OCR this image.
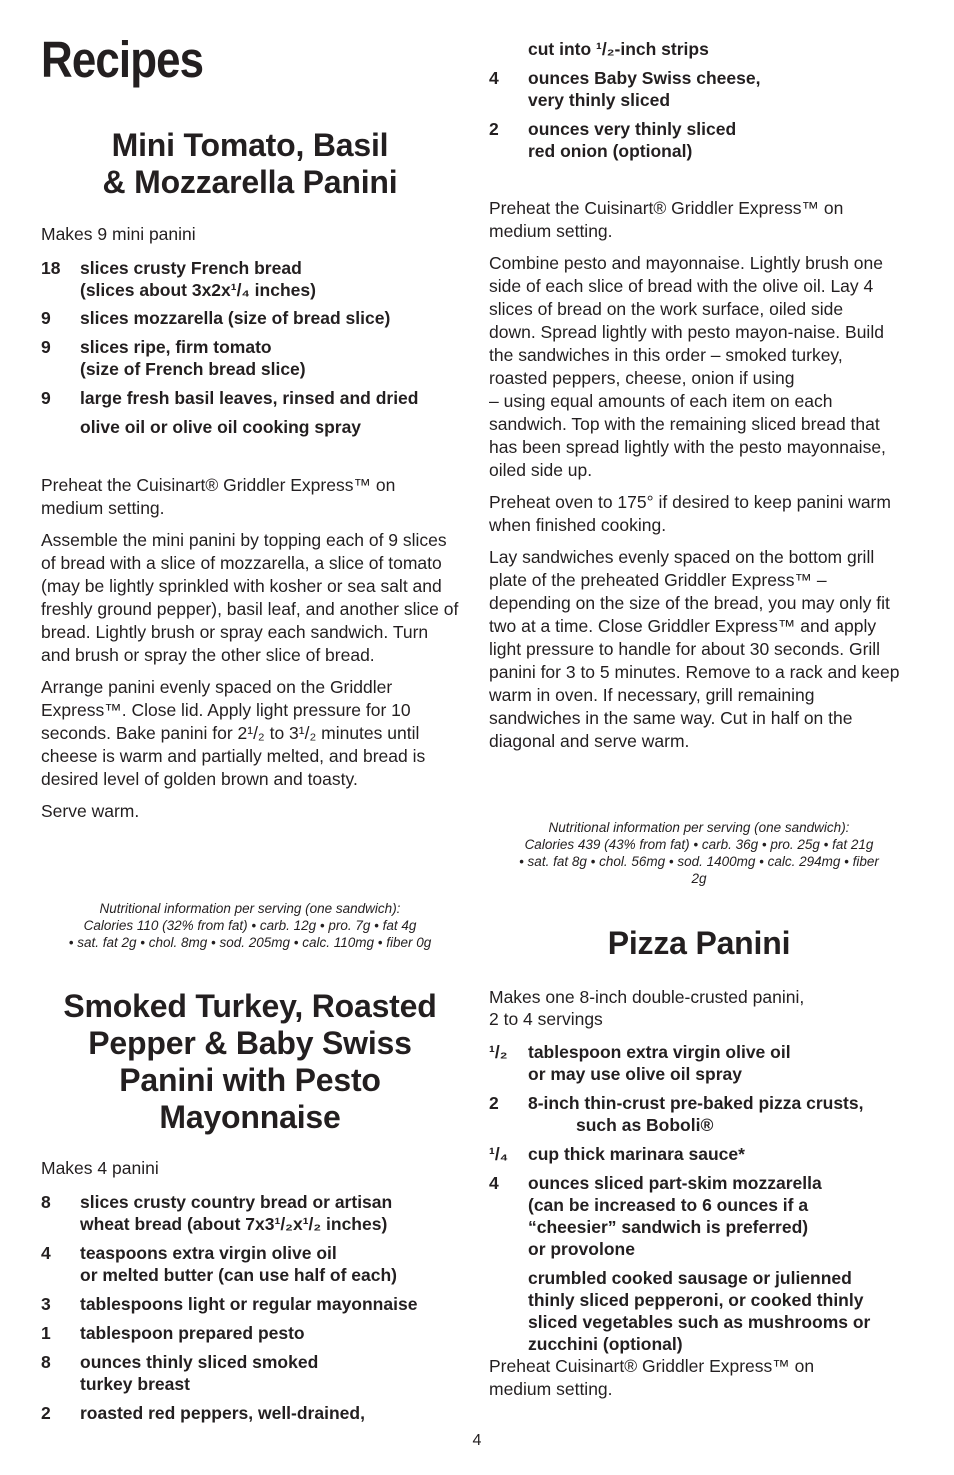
Recipes
Mini Tomato, Basil
& Mozzarella Panini

Makes 9 mini panini

18	slices crusty French bread
(slices about 3x2x¹/₄ inches)
9	slices mozzarella (size of bread slice)
9	slices ripe, firm tomato
(size of French bread slice)
9	large fresh basil leaves, rinsed and dried
olive oil or olive oil cooking spray

Preheat the Cuisinart® Griddler Express™ on medium setting.

Assemble the mini panini by topping each of 9 slices of bread with a slice of mozzarella, a slice of tomato (may be lightly sprinkled with kosher or sea salt and freshly ground pepper), basil leaf, and another slice of bread. Lightly brush or spray each sandwich. Turn and brush or spray the other slice of bread.

Arrange panini evenly spaced on the Griddler Express™. Close lid. Apply light pressure for 10 seconds. Bake panini for 2¹/₂ to 3¹/₂ minutes until cheese is warm and partially melted, and bread is desired level of golden brown and toasty.

Serve warm.

Nutritional information per serving (one sandwich):
Calories 110 (32% from fat) • carb. 12g • pro. 7g • fat 4g
• sat. fat 2g • chol. 8mg • sod. 205mg • calc. 110mg • fiber 0g
Smoked Turkey, Roasted
Pepper & Baby Swiss
Panini with Pesto
Mayonnaise

Makes 4 panini

8	slices crusty country bread or artisan
wheat bread (about 7x3¹/₂x¹/₂ inches)
4	teaspoons extra virgin olive oil
or melted butter (can use half of each)
3	tablespoons light or regular mayonnaise
1	tablespoon prepared pesto
8	ounces thinly sliced smoked
turkey breast
2	roasted red peppers, well-drained,
cut into ¹/₂-inch strips
4	ounces Baby Swiss cheese,
very thinly sliced
2	ounces very thinly sliced
red onion (optional)

Preheat the Cuisinart® Griddler Express™ on medium setting.

Combine pesto and mayonnaise. Lightly brush one side of each slice of bread with the olive oil. Lay 4 slices of bread on the work surface, oiled side down. Spread lightly with pesto mayon-naise. Build the sandwiches in this order – smoked turkey, roasted peppers, cheese, onion if using

– using equal amounts of each item on each sandwich. Top with the remaining sliced bread that has been spread lightly with the pesto mayonnaise, oiled side up.

Preheat oven to 175° if desired to keep panini warm when finished cooking.

Lay sandwiches evenly spaced on the bottom grill plate of the preheated Griddler Express™ – depending on the size of the bread, you may only fit two at a time. Close Griddler Express™ and apply light pressure to handle for about 30 seconds. Grill panini for 3 to 5 minutes. Remove to a rack and keep warm in oven. If necessary, grill remaining sandwiches in the same way. Cut in half on the diagonal and serve warm.

Nutritional information per serving (one sandwich):
Calories 439 (43% from fat) • carb. 36g • pro. 25g • fat 21g
• sat. fat 8g • chol. 56mg • sod. 1400mg • calc. 294mg • fiber
2g
Pizza Panini
Makes one 8-inch double-crusted panini,
2 to 4 servings
¹/₂	tablespoon extra virgin olive oil
or may use olive oil spray
2	8-inch thin-crust pre-baked pizza crusts,
such as Boboli®
¹/₄	cup thick marinara sauce*
4	ounces sliced part-skim mozzarella
(can be increased to 6 ounces if a
“cheesier” sandwich is preferred)
or provolone
crumbled cooked sausage or julienned
thinly sliced pepperoni, or cooked thinly
sliced vegetables such as mushrooms or
zucchini (optional)

Preheat Cuisinart® Griddler Express™ on medium setting.

4
